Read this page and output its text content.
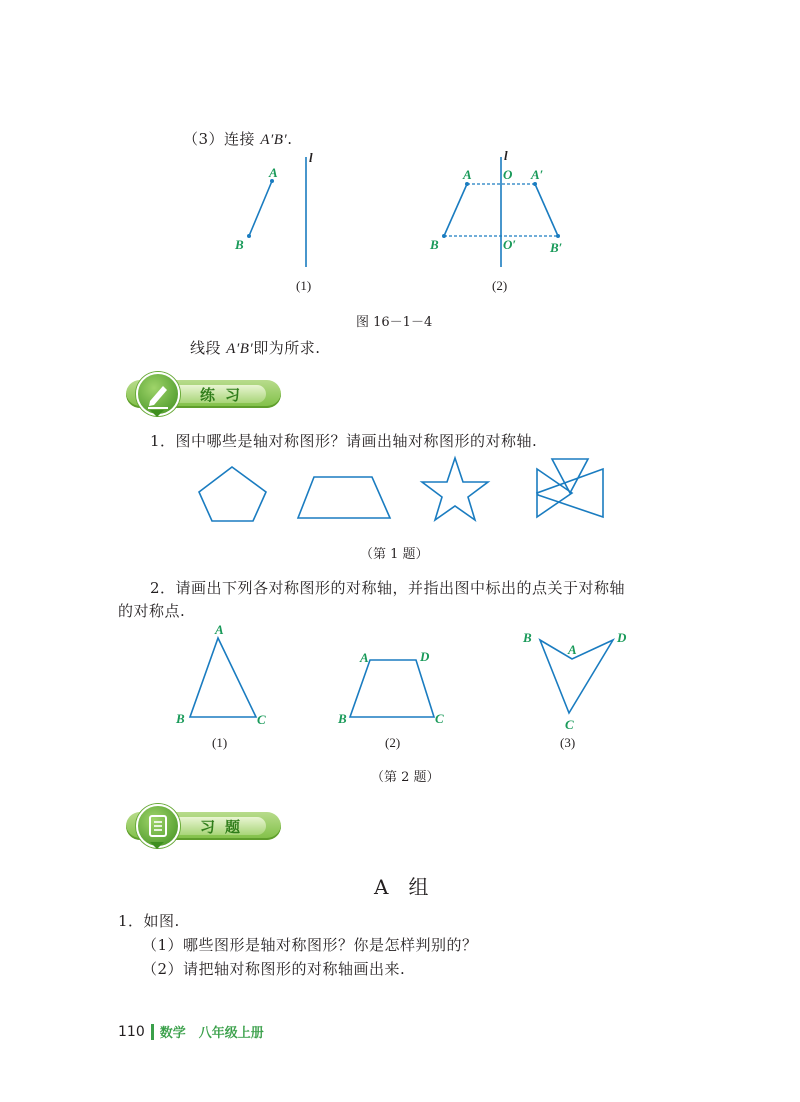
（3）连接 A′B′.
l
A
B
(1)
l
A O A′
B	O′	B′
(2)
图 16－1－4
线段 A′B′即为所求.
练习
1．图中哪些是轴对称图形？请画出轴对称图形的对称轴.
（第 1 题）
2．请画出下列各对称图形的对称轴，并指出图中标出的点关于对称轴
的对称点.
A
B	C
(1)
A	D
B	C
(2)
B
A
D
C
(3)
（第 2 题）
习题
A　组
1．如图.
（1）哪些图形是轴对称图形？你是怎样判别的？
（2）请把轴对称图形的对称轴画出来.
110 数学　八年级上册
